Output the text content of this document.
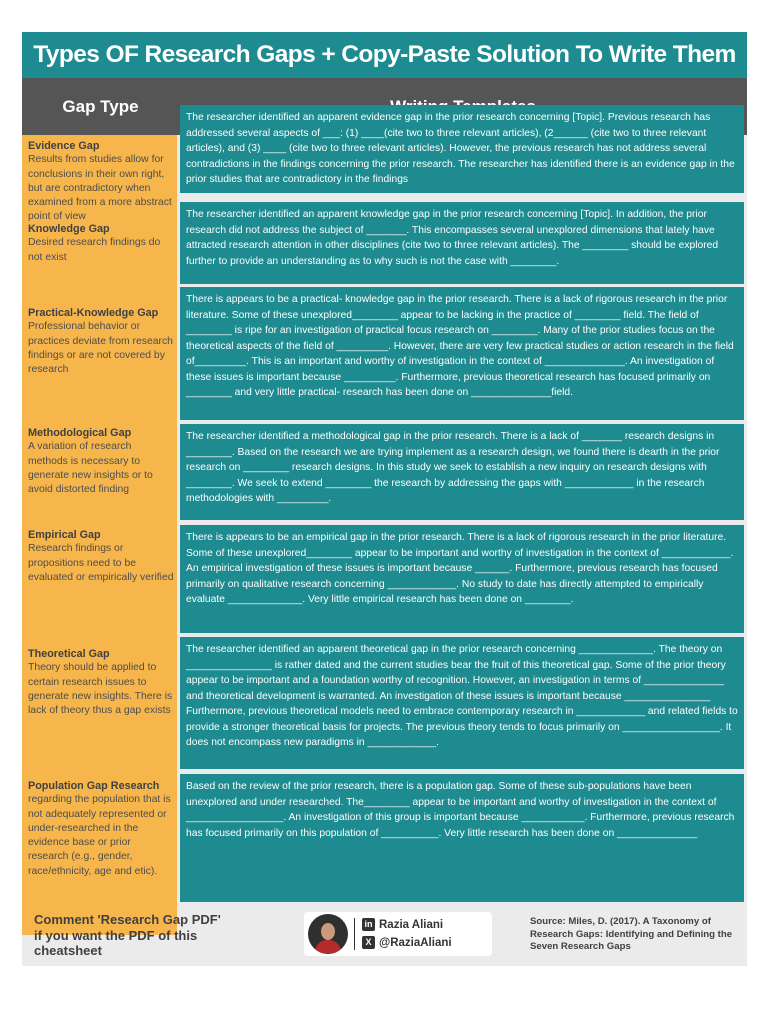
Types OF Research Gaps + Copy-Paste Solution To Write Them
Gap Type
Evidence Gap
Results from studies allow for conclusions in their own right, but are contradictory when examined from a more abstract point of view
The researcher identified an apparent evidence gap in the prior research concerning [Topic]. Previous research has addressed several aspects of ___: (1) ____(cite two to three relevant articles), (2______ (cite two to three relevant articles), and (3) ____ (cite two to three relevant articles). However, the previous research has not address several contradictions in the findings concerning the prior research. The researcher has identified there is an evidence gap in the prior studies that are contradictory in the findings
Knowledge Gap
Desired research findings do not exist
The researcher identified an apparent knowledge gap in the prior research concerning [Topic]. In addition, the prior research did not address the subject of _______. This encompasses several unexplored dimensions that lately have attracted research attention in other disciplines (cite two to three relevant articles). The ________ should be explored further to provide an understanding as to why such is not the case with ________.
Practical-Knowledge Gap
Professional behavior or practices deviate from research findings or are not covered by research
There is appears to be a practical- knowledge gap in the prior research. There is a lack of rigorous research in the prior literature. Some of these unexplored________ appear to be lacking in the practice of ________ field. The field of ________ is ripe for an investigation of practical focus research on ________. Many of the prior studies focus on the theoretical aspects of the field of _________. However, there are very few practical studies or action research in the field of_________. This is an important and worthy of investigation in the context of ______________. An investigation of these issues is important because _________. Furthermore, previous theoretical research has focused primarily on ________ and very little practical- research has been done on ______________field.
Methodological Gap
A variation of research methods is necessary to generate new insights or to avoid distorted finding
The researcher identified a methodological gap in the prior research. There is a lack of _______ research designs in ________. Based on the research we are trying implement as a research design, we found there is dearth in the prior research on ________ research designs. In this study we seek to establish a new inquiry on research designs with ________. We seek to extend ________ the research by addressing the gaps with ____________ in the research methodologies with _________.
Empirical Gap
Research findings or propositions need to be evaluated or empirically verified
There is appears to be an empirical gap in the prior research. There is a lack of rigorous research in the prior literature. Some of these unexplored________ appear to be important and worthy of investigation in the context of ____________. An empirical investigation of these issues is important because ______. Furthermore, previous research has focused primarily on qualitative research concerning ____________. No study to date has directly attempted to empirically evaluate _____________. Very little empirical research has been done on ________.
Theoretical Gap
Theory should be applied to certain research issues to generate new insights. There is lack of theory thus a gap exists
The researcher identified an apparent theoretical gap in the prior research concerning _____________. The theory on _______________ is rather dated and the current studies bear the fruit of this theoretical gap. Some of the prior theory appear to be important and a foundation worthy of recognition. However, an investigation in terms of ______________ and theoretical development is warranted. An investigation of these issues is important because _______________ Furthermore, previous theoretical models need to embrace contemporary research in ____________ and related fields to provide a stronger theoretical basis for projects. The previous theory tends to focus primarily on _________________. It does not encompass new paradigms in ____________.
Population Gap Research
regarding the population that is not adequately represented or under-researched in the evidence base or prior research (e.g., gender, race/ethnicity, age and etic).
Based on the review of the prior research, there is a population gap. Some of these sub-populations have been unexplored and under researched. The________ appear to be important and worthy of investigation in the context of _________________. An investigation of this group is important because ___________. Furthermore, previous research has focused primarily on this population of __________. Very little research has been done on ______________
Comment 'Research Gap PDF' if you want the PDF of this cheatsheet
in Razia Aliani
X @RaziaAliani
Source: Miles, D. (2017). A Taxonomy of Research Gaps: Identifying and Defining the Seven Research Gaps
